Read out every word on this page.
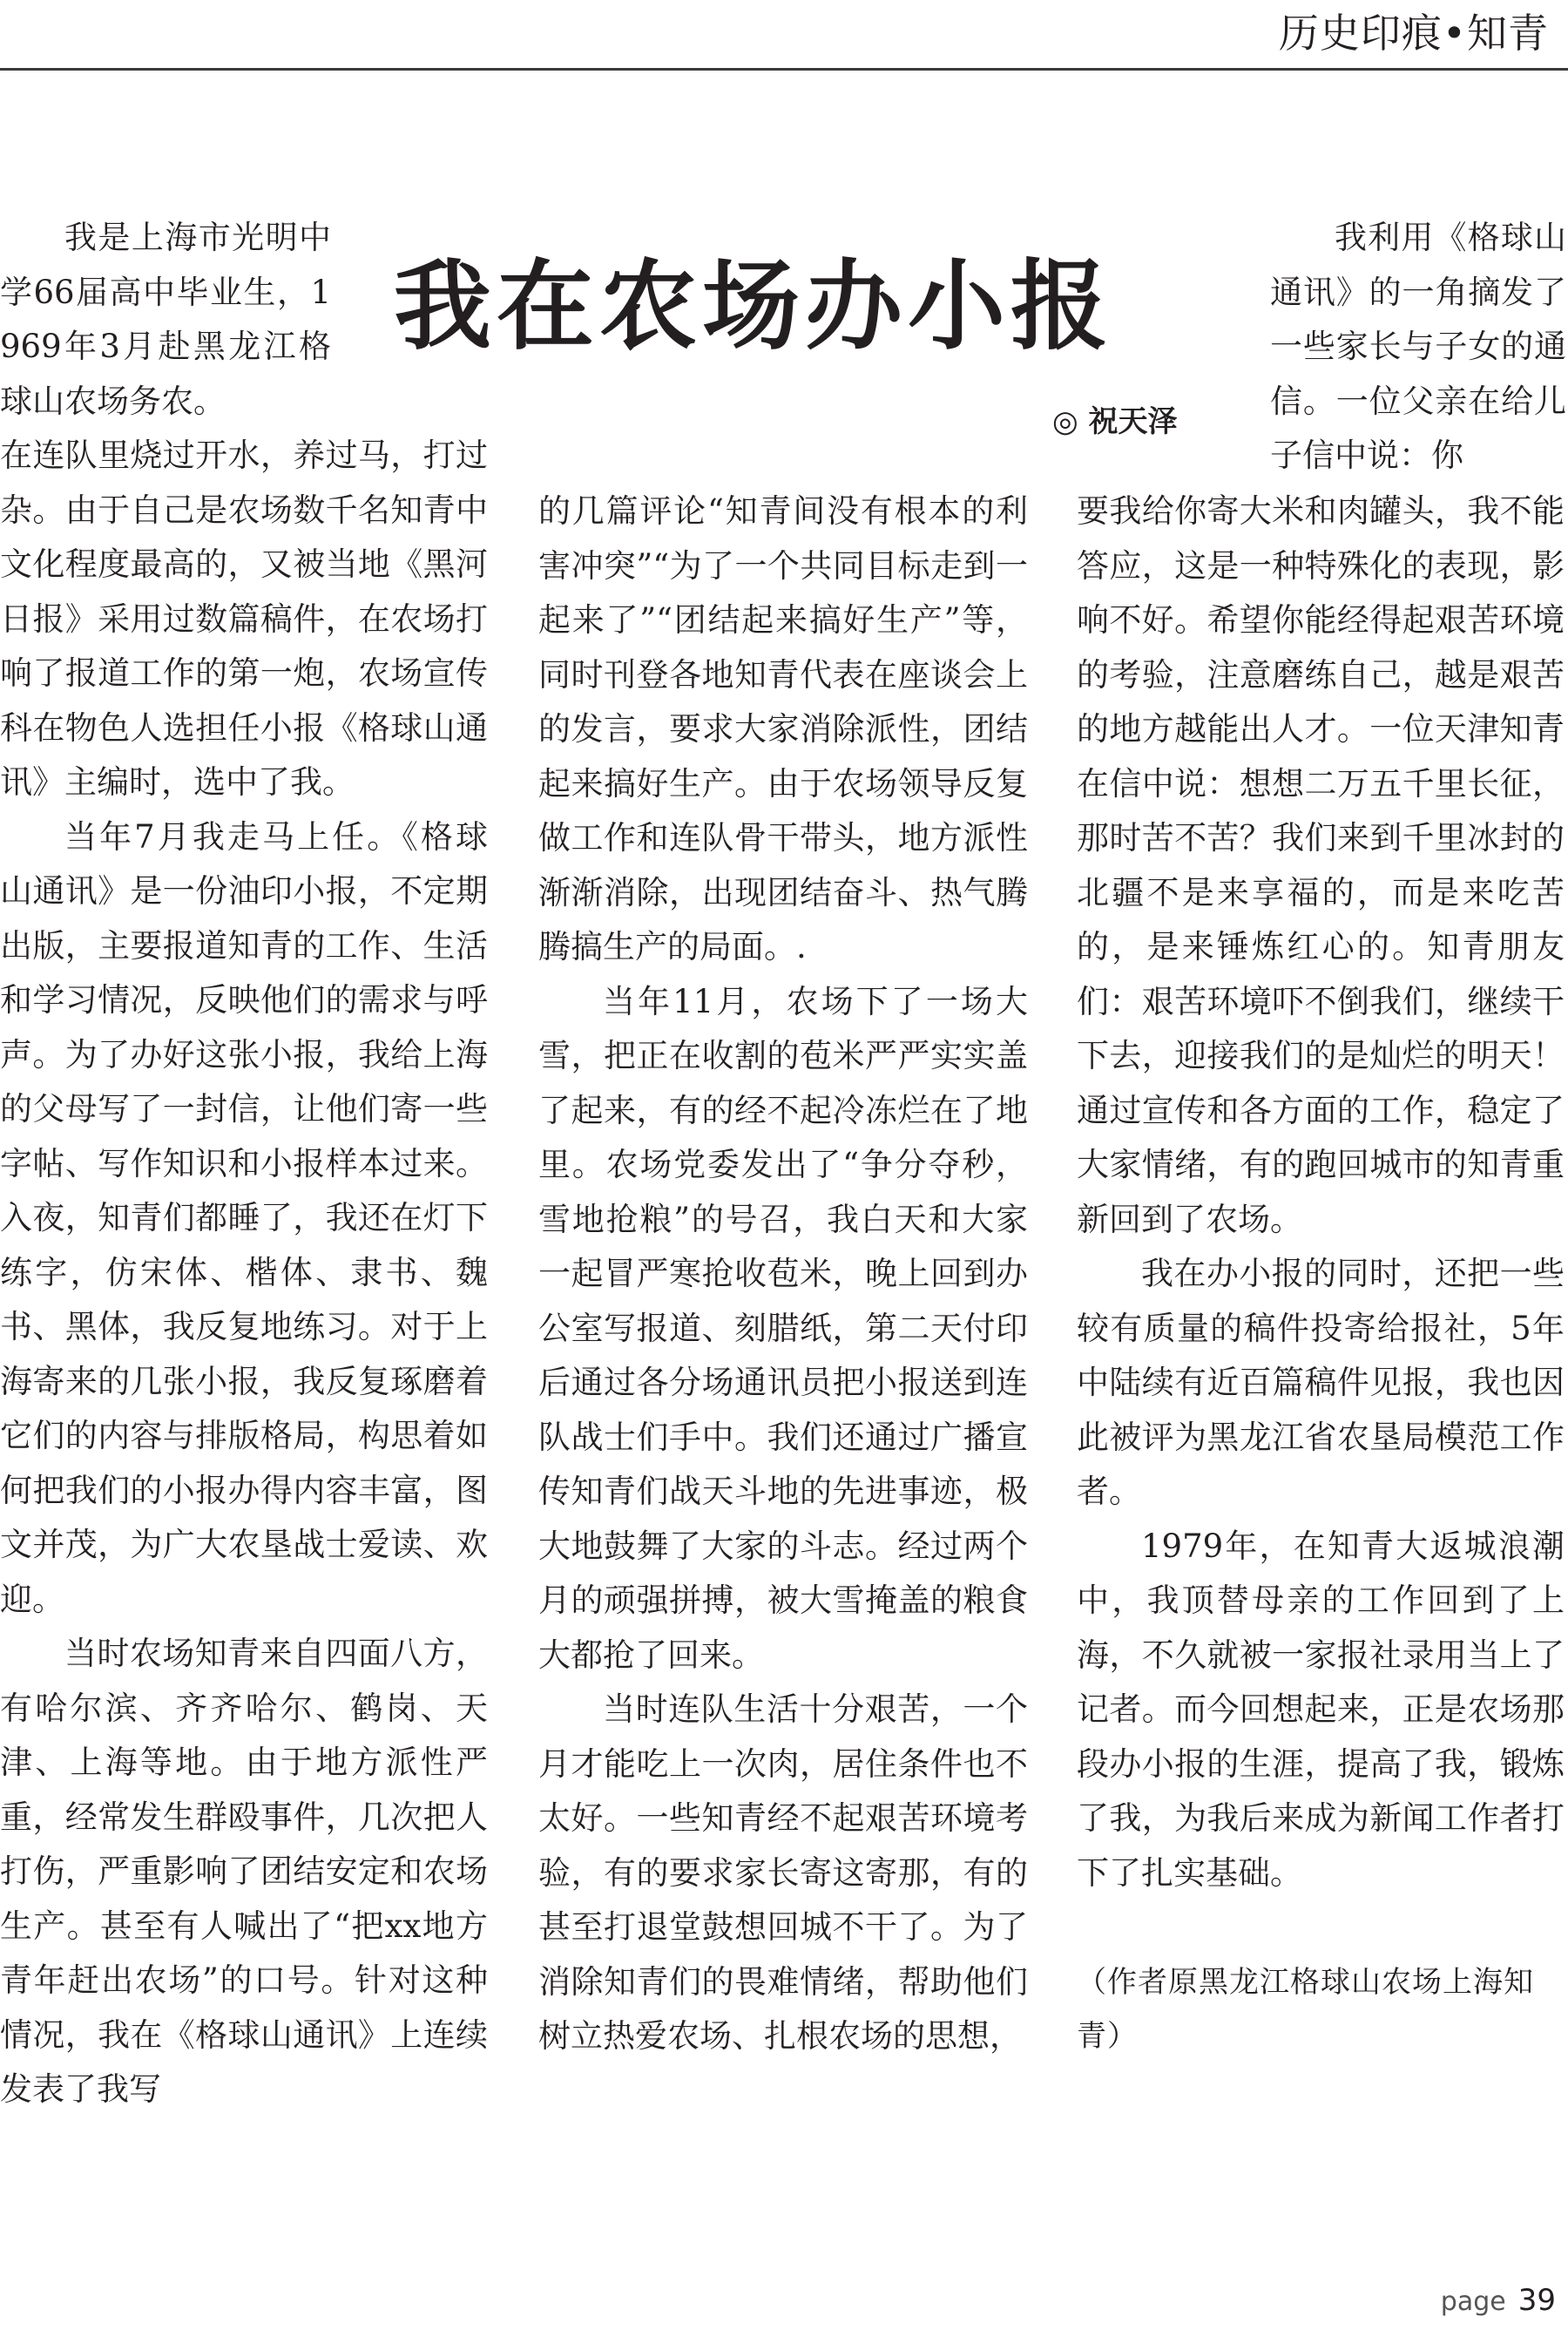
历史印痕•知青
我在农场办小报

◎ 祝天泽

我是上海市光明中学66届高中毕业生，1969年3月赴黑龙江格球山农场务农。

在连队里烧过开水，养过马，打过杂。由于自己是农场数千名知青中文化程度最高的，又被当地《黑河日报》采用过数篇稿件，在农场打响了报道工作的第一炮，农场宣传科在物色人选担任小报《格球山通讯》主编时，选中了我。

当年7月我走马上任。《格球山通讯》是一份油印小报，不定期出版，主要报道知青的工作、生活和学习情况，反映他们的需求与呼声。为了办好这张小报，我给上海的父母写了一封信，让他们寄一些字帖、写作知识和小报样本过来。入夜，知青们都睡了，我还在灯下练字，仿宋体、楷体、隶书、魏书、黑体，我反复地练习。对于上海寄来的几张小报，我反复琢磨着它们的内容与排版格局，构思着如何把我们的小报办得内容丰富，图文并茂，为广大农垦战士爱读、欢迎。

当时农场知青来自四面八方，有哈尔滨、齐齐哈尔、鹤岗、天津、上海等地。由于地方派性严重，经常发生群殴事件，几次把人打伤，严重影响了团结安定和农场生产。甚至有人喊出了“把xx地方青年赶出农场”的口号。针对这种情况，我在《格球山通讯》上连续发表了我写

的几篇评论“知青间没有根本的利害冲突”“为了一个共同目标走到一起来了”“团结起来搞好生产”等，同时刊登各地知青代表在座谈会上的发言，要求大家消除派性，团结起来搞好生产。由于农场领导反复做工作和连队骨干带头，地方派性渐渐消除，出现团结奋斗、热气腾腾搞生产的局面。.

当年11月，农场下了一场大雪，把正在收割的苞米严严实实盖了起来，有的经不起冷冻烂在了地里。农场党委发出了“争分夺秒，雪地抢粮”的号召，我白天和大家一起冒严寒抢收苞米，晚上回到办公室写报道、刻腊纸，第二天付印后通过各分场通讯员把小报送到连队战士们手中。我们还通过广播宣传知青们战天斗地的先进事迹，极大地鼓舞了大家的斗志。经过两个月的顽强拼搏，被大雪掩盖的粮食大都抢了回来。

当时连队生活十分艰苦，一个月才能吃上一次肉，居住条件也不太好。一些知青经不起艰苦环境考验，有的要求家长寄这寄那，有的甚至打退堂鼓想回城不干了。为了消除知青们的畏难情绪，帮助他们树立热爱农场、扎根农场的思想，

我利用《格球山通讯》的一角摘发了一些家长与子女的通信。一位父亲在给儿子信中说：你

要我给你寄大米和肉罐头，我不能答应，这是一种特殊化的表现，影响不好。希望你能经得起艰苦环境的考验，注意磨练自己，越是艰苦的地方越能出人才。一位天津知青在信中说：想想二万五千里长征，那时苦不苦？我们来到千里冰封的北疆不是来享福的，而是来吃苦的，是来锤炼红心的。知青朋友们：艰苦环境吓不倒我们，继续干下去，迎接我们的是灿烂的明天！通过宣传和各方面的工作，稳定了大家情绪，有的跑回城市的知青重新回到了农场。

我在办小报的同时，还把一些较有质量的稿件投寄给报社，5年中陆续有近百篇稿件见报，我也因此被评为黑龙江省农垦局模范工作者。

1979年，在知青大返城浪潮中，我顶替母亲的工作回到了上海，不久就被一家报社录用当上了记者。而今回想起来，正是农场那段办小报的生涯，提高了我，锻炼了我，为我后来成为新闻工作者打下了扎实基础。

（作者原黑龙江格球山农场上海知青）

page 39
